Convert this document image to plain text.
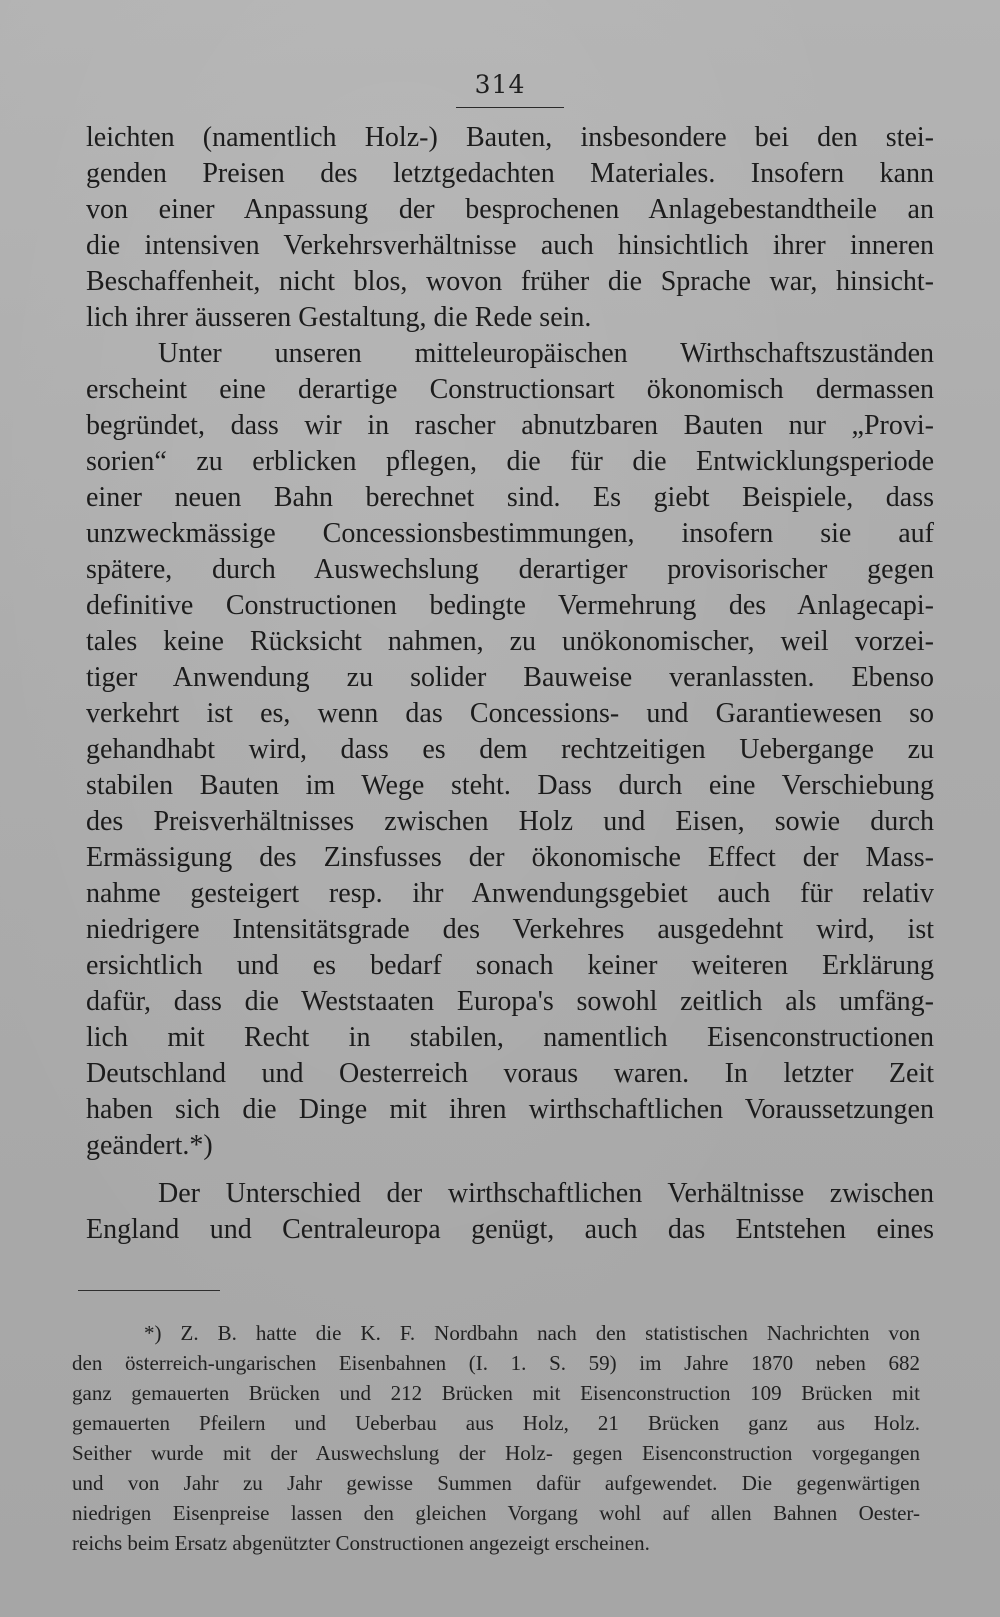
314
leichten (namentlich Holz-) Bauten, insbesondere bei den stei-
genden Preisen des letztgedachten Materiales. Insofern kann
von einer Anpassung der besprochenen Anlagebestandtheile an
die intensiven Verkehrsverhältnisse auch hinsichtlich ihrer inneren
Beschaffenheit, nicht blos, wovon früher die Sprache war, hinsicht-
lich ihrer äusseren Gestaltung, die Rede sein.
Unter unseren mitteleuropäischen Wirthschaftszuständen
erscheint eine derartige Constructionsart ökonomisch dermassen
begründet, dass wir in rascher abnutzbaren Bauten nur „Provi-
sorien“ zu erblicken pflegen, die für die Entwicklungsperiode
einer neuen Bahn berechnet sind. Es giebt Beispiele, dass
unzweckmässige Concessionsbestimmungen, insofern sie auf
spätere, durch Auswechslung derartiger provisorischer gegen
definitive Constructionen bedingte Vermehrung des Anlagecapi-
tales keine Rücksicht nahmen, zu unökonomischer, weil vorzei-
tiger Anwendung zu solider Bauweise veranlassten. Ebenso
verkehrt ist es, wenn das Concessions- und Garantiewesen so
gehandhabt wird, dass es dem rechtzeitigen Uebergange zu
stabilen Bauten im Wege steht. Dass durch eine Verschiebung
des Preisverhältnisses zwischen Holz und Eisen, sowie durch
Ermässigung des Zinsfusses der ökonomische Effect der Mass-
nahme gesteigert resp. ihr Anwendungsgebiet auch für relativ
niedrigere Intensitätsgrade des Verkehres ausgedehnt wird, ist
ersichtlich und es bedarf sonach keiner weiteren Erklärung
dafür, dass die Weststaaten Europa's sowohl zeitlich als umfäng-
lich mit Recht in stabilen, namentlich Eisenconstructionen
Deutschland und Oesterreich voraus waren. In letzter Zeit
haben sich die Dinge mit ihren wirthschaftlichen Voraussetzungen
geändert.*)
Der Unterschied der wirthschaftlichen Verhältnisse zwischen
England und Centraleuropa genügt, auch das Entstehen eines
*) Z. B. hatte die K. F. Nordbahn nach den statistischen Nachrichten von
den österreich-ungarischen Eisenbahnen (I. 1. S. 59) im Jahre 1870 neben 682
ganz gemauerten Brücken und 212 Brücken mit Eisenconstruction 109 Brücken mit
gemauerten Pfeilern und Ueberbau aus Holz, 21 Brücken ganz aus Holz.
Seither wurde mit der Auswechslung der Holz- gegen Eisenconstruction vorgegangen
und von Jahr zu Jahr gewisse Summen dafür aufgewendet. Die gegenwärtigen
niedrigen Eisenpreise lassen den gleichen Vorgang wohl auf allen Bahnen Oester-
reichs beim Ersatz abgenützter Constructionen angezeigt erscheinen.
